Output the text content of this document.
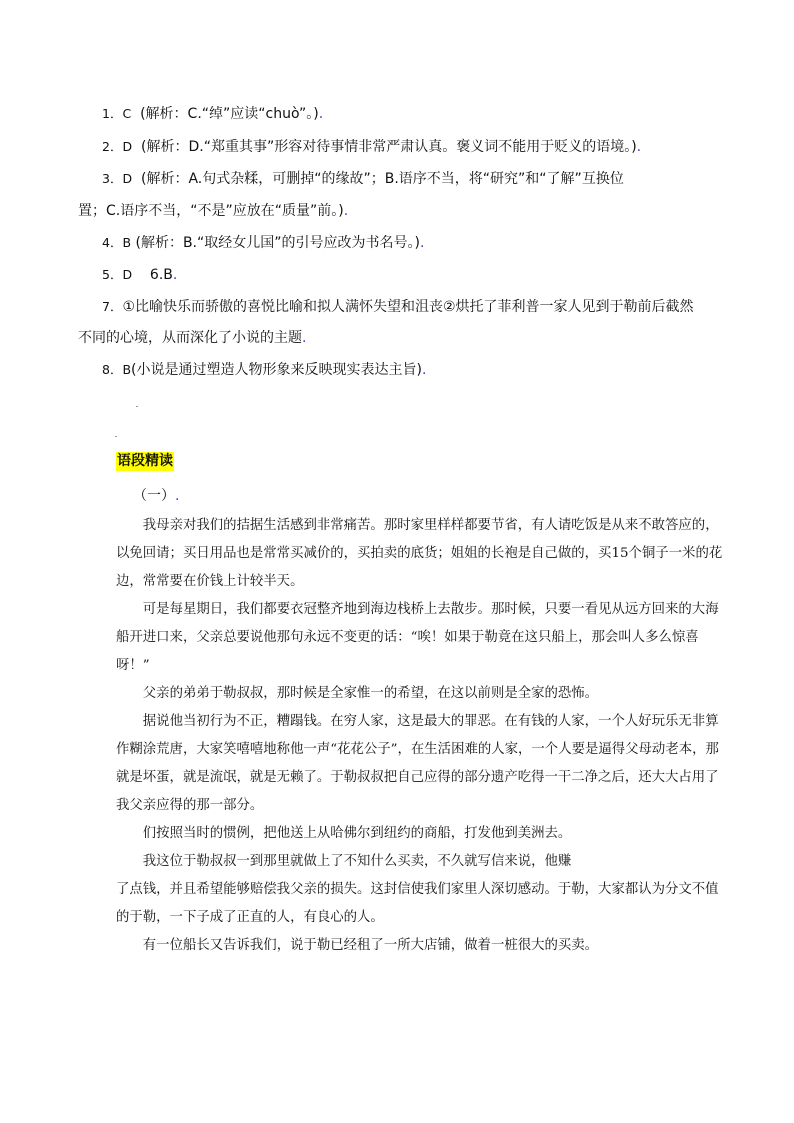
1．C (解析：C.“绰”应读“chuò”。).
2．D (解析：D.“郑重其事”形容对待事情非常严肃认真。褒义词不能用于贬义的语境。).
3．D (解析：A.句式杂糅，可删掉“的缘故”；B.语序不当，将“研究”和“了解”互换位
置；C.语序不当，“不是”应放在“质量”前。).
4．B (解析：B.“取经女儿国”的引号应改为书名号。).
5．D 6.B.
7．①比喻快乐而骄傲的喜悦比喻和拟人满怀失望和沮丧②烘托了菲利普一家人见到于勒前后截然
不同的心境，从而深化了小说的主题.
8．B(小说是通过塑造人物形象来反映现实表达主旨).
语段精读
（一）.
我母亲对我们的拮据生活感到非常痛苦。那时家里样样都要节省，有人请吃饭是从来不敢答应的，以免回请；买日用品也是常常买减价的，买拍卖的底货；姐姐的长袍是自己做的，买15个铜子一米的花边，常常要在价钱上计较半天。
可是每星期日，我们都要衣冠整齐地到海边栈桥上去散步。那时候，只要一看见从远方回来的大海船开进口来，父亲总要说他那句永远不变更的话：“唉！如果于勒竟在这只船上，那会叫人多么惊喜呀！”
父亲的弟弟于勒叔叔，那时候是全家惟一的希望，在这以前则是全家的恐怖。
据说他当初行为不正，糟蹋钱。在穷人家，这是最大的罪恶。在有钱的人家，一个人好玩乐无非算作糊涂荒唐，大家笑嘻嘻地称他一声“花花公子”，在生活困难的人家，一个人要是逼得父母动老本，那就是坏蛋，就是流氓，就是无赖了。于勒叔叔把自己应得的部分遗产吃得一干二净之后，还大大占用了我父亲应得的那一部分。
们按照当时的惯例，把他送上从哈佛尔到纽约的商船，打发他到美洲去。
我这位于勒叔叔一到那里就做上了不知什么买卖，不久就写信来说，他赚
了点钱，并且希望能够赔偿我父亲的损失。这封信使我们家里人深切感动。于勒，大家都认为分文不值的于勒，一下子成了正直的人，有良心的人。
有一位船长又告诉我们，说于勒已经租了一所大店铺，做着一桩很大的买卖。
